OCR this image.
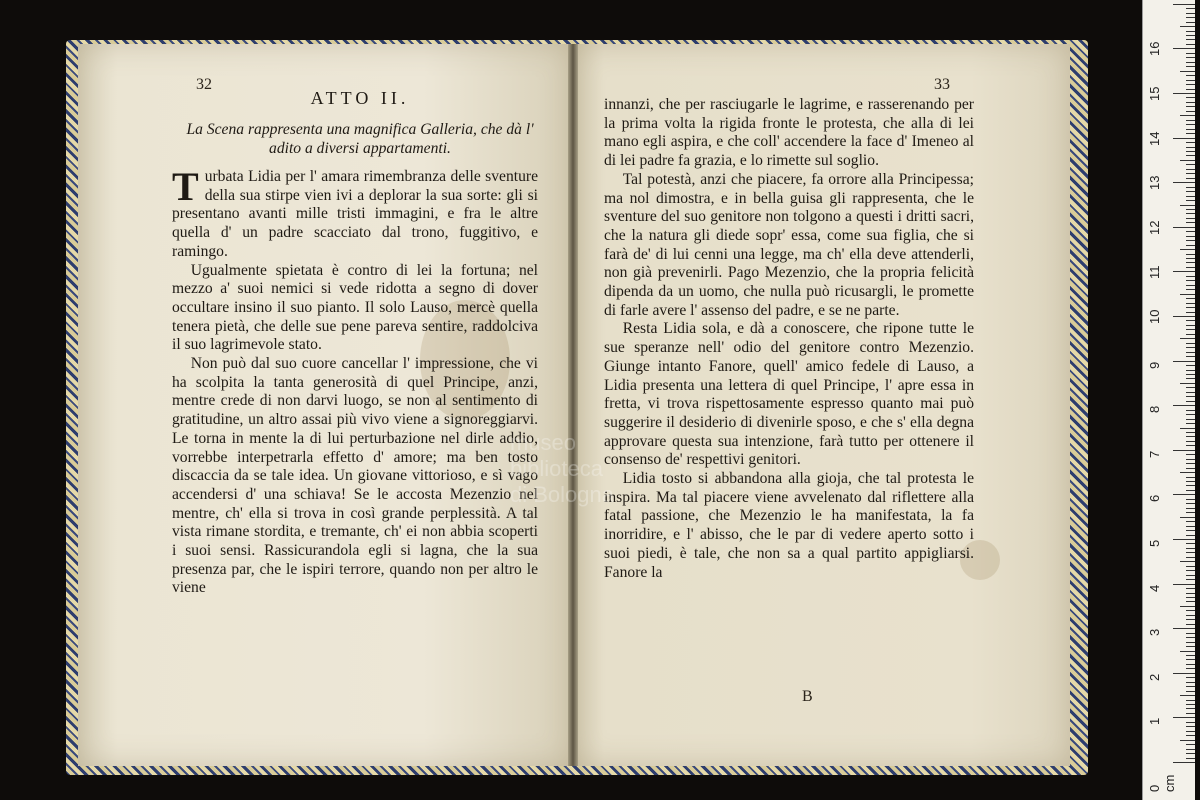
32
ATTO II.
La Scena rappresenta una magnifica Galleria, che dà l' adito a diversi appartamenti.

Turbata Lidia per l' amara rimembranza delle sventure della sua stirpe vien ivi a deplorar la sua sorte: gli si presentano avanti mille tristi immagini, e fra le altre quella d' un padre scacciato dal trono, fuggitivo, e ramingo.

Ugualmente spietata è contro di lei la fortuna; nel mezzo a' suoi nemici si vede ridotta a segno di dover occultare insino il suo pianto. Il solo Lauso, mercè quella tenera pietà, che delle sue pene pareva sentire, raddolciva il suo lagrimevole stato.

Non può dal suo cuore cancellar l' impressione, che vi ha scolpita la tanta generosità di quel Principe, anzi, mentre crede di non darvi luogo, se non al sentimento di gratitudine, un altro assai più vivo viene a signoreggiarvi. Le torna in mente la di lui perturbazione nel dirle addio, vorrebbe interpetrarla effetto d' amore; ma ben tosto discaccia da se tale idea. Un giovane vittorioso, e sì vago accendersi d' una schiava! Se le accosta Mezenzio nel mentre, ch' ella si trova in così grande perplessità. A tal vista rimane stordita, e tremante, ch' ei non abbia scoperti i suoi sensi. Rassicurandola egli si lagna, che la sua presenza par, che le ispiri terrore, quando non per altro le viene

33

innanzi, che per rasciugarle le lagrime, e rasserenando per la prima volta la rigida fronte le protesta, che alla di lei mano egli aspira, e che coll' accendere la face d' Imeneo al di lei padre fa grazia, e lo rimette sul soglio.

Tal potestà, anzi che piacere, fa orrore alla Principessa; ma nol dimostra, e in bella guisa gli rappresenta, che le sventure del suo genitore non tolgono a questi i dritti sacri, che la natura gli diede sopr' essa, come sua figlia, che si farà de' di lui cenni una legge, ma ch' ella deve attenderli, non già prevenirli. Pago Mezenzio, che la propria felicità dipenda da un uomo, che nulla può ricusargli, le promette di farle avere l' assenso del padre, e se ne parte.

Resta Lidia sola, e dà a conoscere, che ripone tutte le sue speranze nell' odio del genitore contro Mezenzio. Giunge intanto Fanore, quell' amico fedele di Lauso, a Lidia presenta una lettera di quel Principe, l' apre essa in fretta, vi trova rispettosamente espresso quanto mai può suggerire il desiderio di divenirle sposo, e che s' ella degna approvare questa sua intenzione, farà tutto per ottenere il consenso de' respettivi genitori.

Lidia tosto si abbandona alla gioja, che tal protesta le inspira. Ma tal piacere viene avvelenato dal riflettere alla fatal passione, che Mezenzio le ha manifestata, la fa inorridire, e l' abisso, che le par di vedere aperto sotto i suoi piedi, è tale, che non sa a qual partito appigliarsi. Fanore la

B
museo
biblioteca
di Bologna
0 cm
1
2
3
4
5
6
7
8
9
10
11
12
13
14
15
16
